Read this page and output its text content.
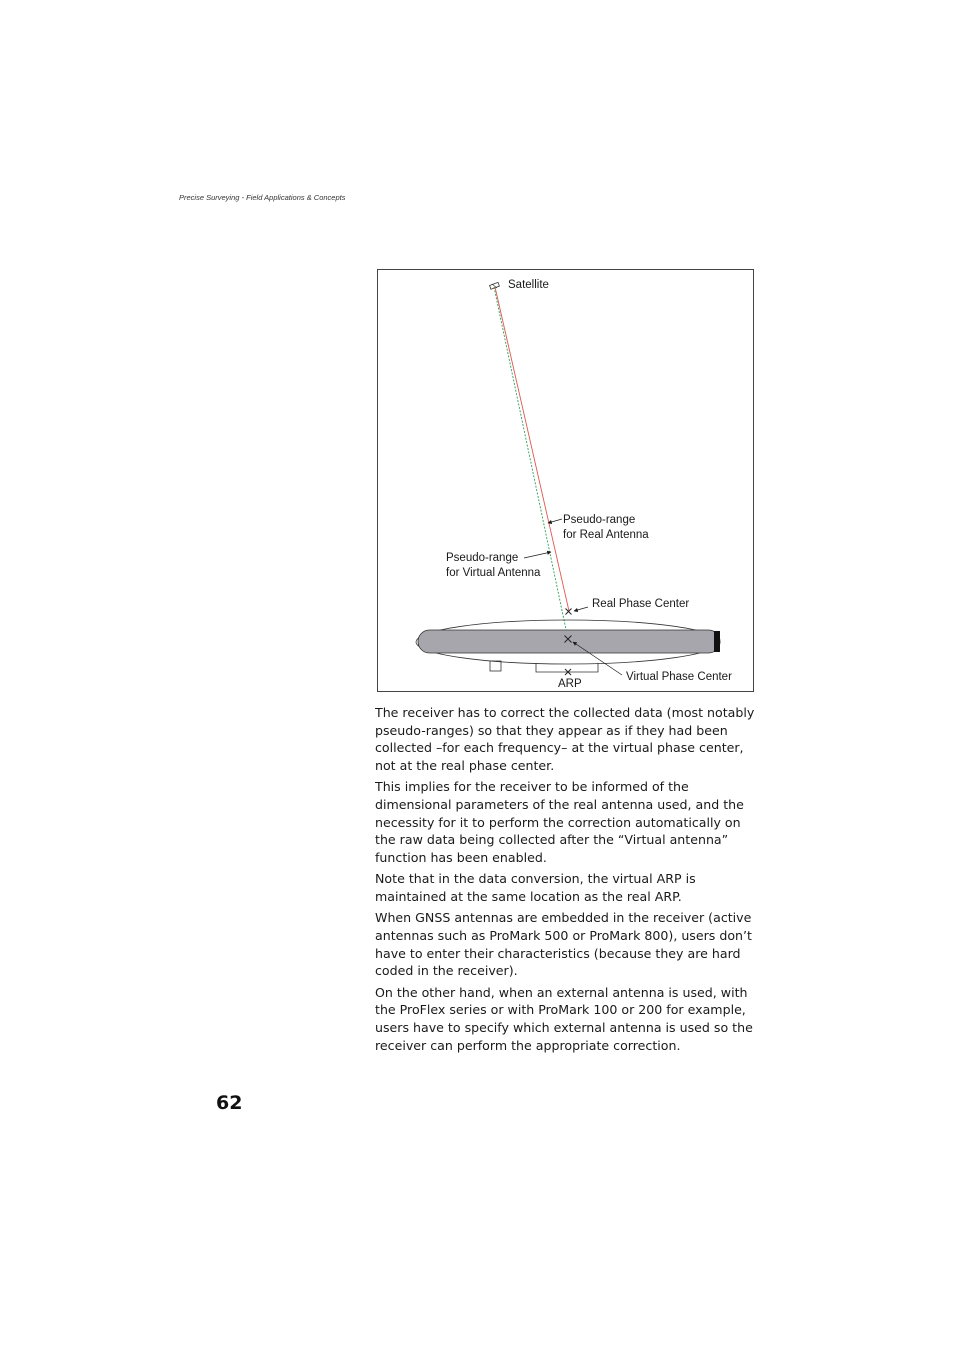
Precise Surveying - Field Applications & Concepts
Satellite
Pseudo-range
for Real Antenna
Pseudo-range
for Virtual Antenna
Real Phase Center
Virtual Phase Center
ARP

The receiver has to correct the collected data (most notably pseudo-ranges) so that they appear as if they had been collected –for each frequency– at the virtual phase center, not at the real phase center.

This implies for the receiver to be informed of the dimensional parameters of the real antenna used, and the necessity for it to perform the correction automatically on the raw data being collected after the “Virtual antenna” function has been enabled.

Note that in the data conversion, the virtual ARP is maintained at the same location as the real ARP.

When GNSS antennas are embedded in the receiver (active antennas such as ProMark 500 or ProMark 800), users don’t have to enter their characteristics (because they are hard coded in the receiver).

On the other hand, when an external antenna is used, with the ProFlex series or with ProMark 100 or 200 for example, users have to specify which external antenna is used so the receiver can perform the appropriate correction.

62
